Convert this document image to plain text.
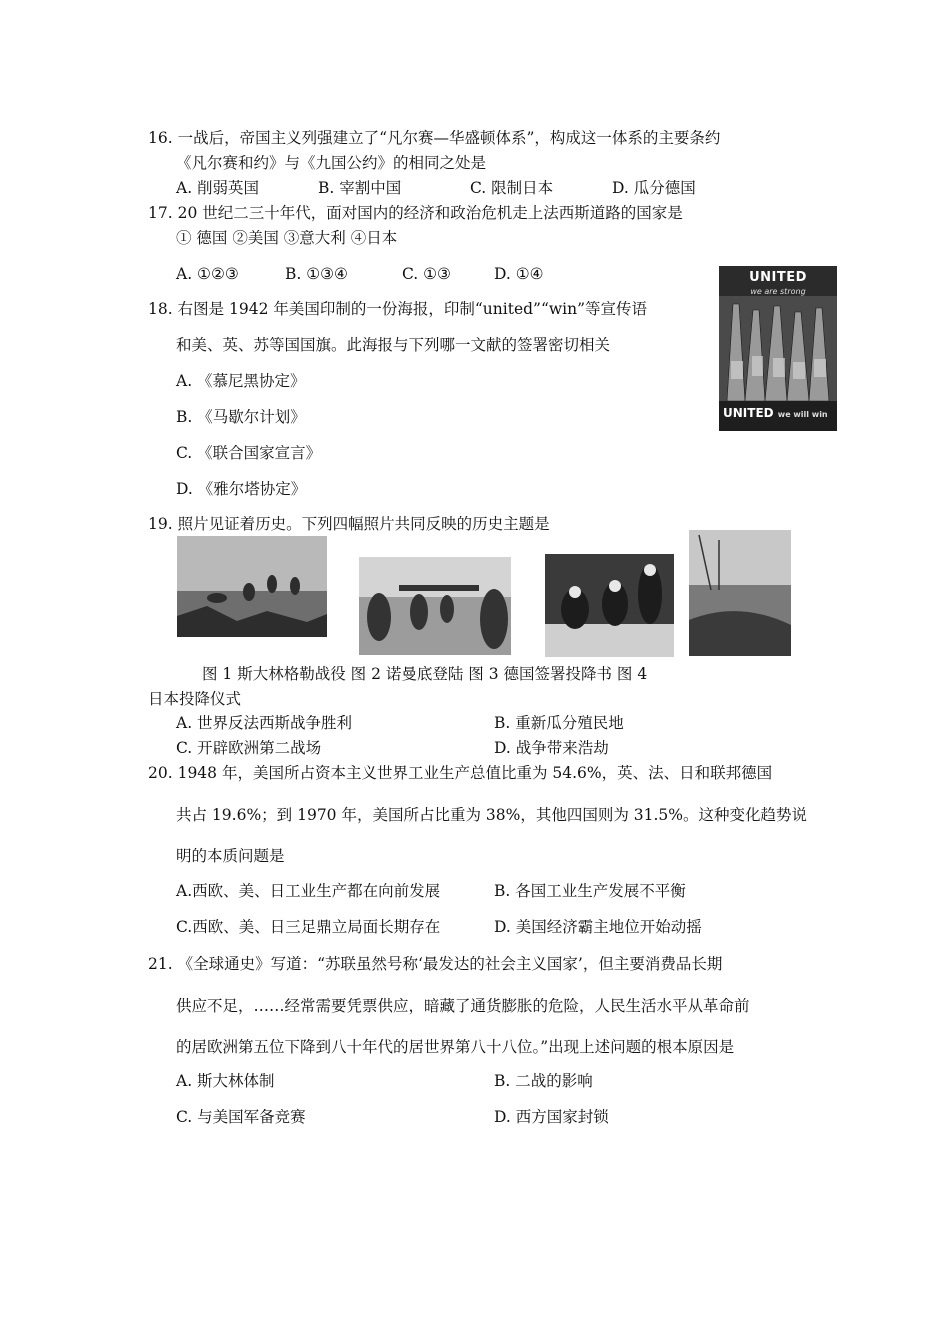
16. 一战后，帝国主义列强建立了“凡尔赛—华盛顿体系”，构成这一体系的主要条约
《凡尔赛和约》与《九国公约》的相同之处是
A. 削弱英国	B. 宰割中国	C. 限制日本	D. 瓜分德国
17. 20 世纪二三十年代，面对国内的经济和政治危机走上法西斯道路的国家是
① 德国 ②美国 ③意大利 ④日本
A. ①②③	B. ①③④	C. ①③	D. ①④
18. 右图是 1942 年美国印制的一份海报，印制“united”“win”等宣传语
和美、英、苏等国国旗。此海报与下列哪一文献的签署密切相关
A. 《慕尼黑协定》
B. 《马歇尔计划》
C. 《联合国家宣言》
D. 《雅尔塔协定》
UNITED
we are strong
UNITED we will win
19. 照片见证着历史。下列四幅照片共同反映的历史主题是
图 1 斯大林格勒战役 图 2 诺曼底登陆 图 3 德国签署投降书 图 4
日本投降仪式
A. 世界反法西斯战争胜利	B. 重新瓜分殖民地
C. 开辟欧洲第二战场	D. 战争带来浩劫
20. 1948 年，美国所占资本主义世界工业生产总值比重为 54.6%，英、法、日和联邦德国
共占 19.6%；到 1970 年，美国所占比重为 38%，其他四国则为 31.5%。这种变化趋势说
明的本质问题是
A.西欧、美、日工业生产都在向前发展	B. 各国工业生产发展不平衡
C.西欧、美、日三足鼎立局面长期存在	D. 美国经济霸主地位开始动摇
21. 《全球通史》写道：“苏联虽然号称‘最发达的社会主义国家’，但主要消费品长期
供应不足，……经常需要凭票供应，暗藏了通货膨胀的危险，人民生活水平从革命前
的居欧洲第五位下降到八十年代的居世界第八十八位。”出现上述问题的根本原因是
A. 斯大林体制	B. 二战的影响
C. 与美国军备竞赛	D. 西方国家封锁
